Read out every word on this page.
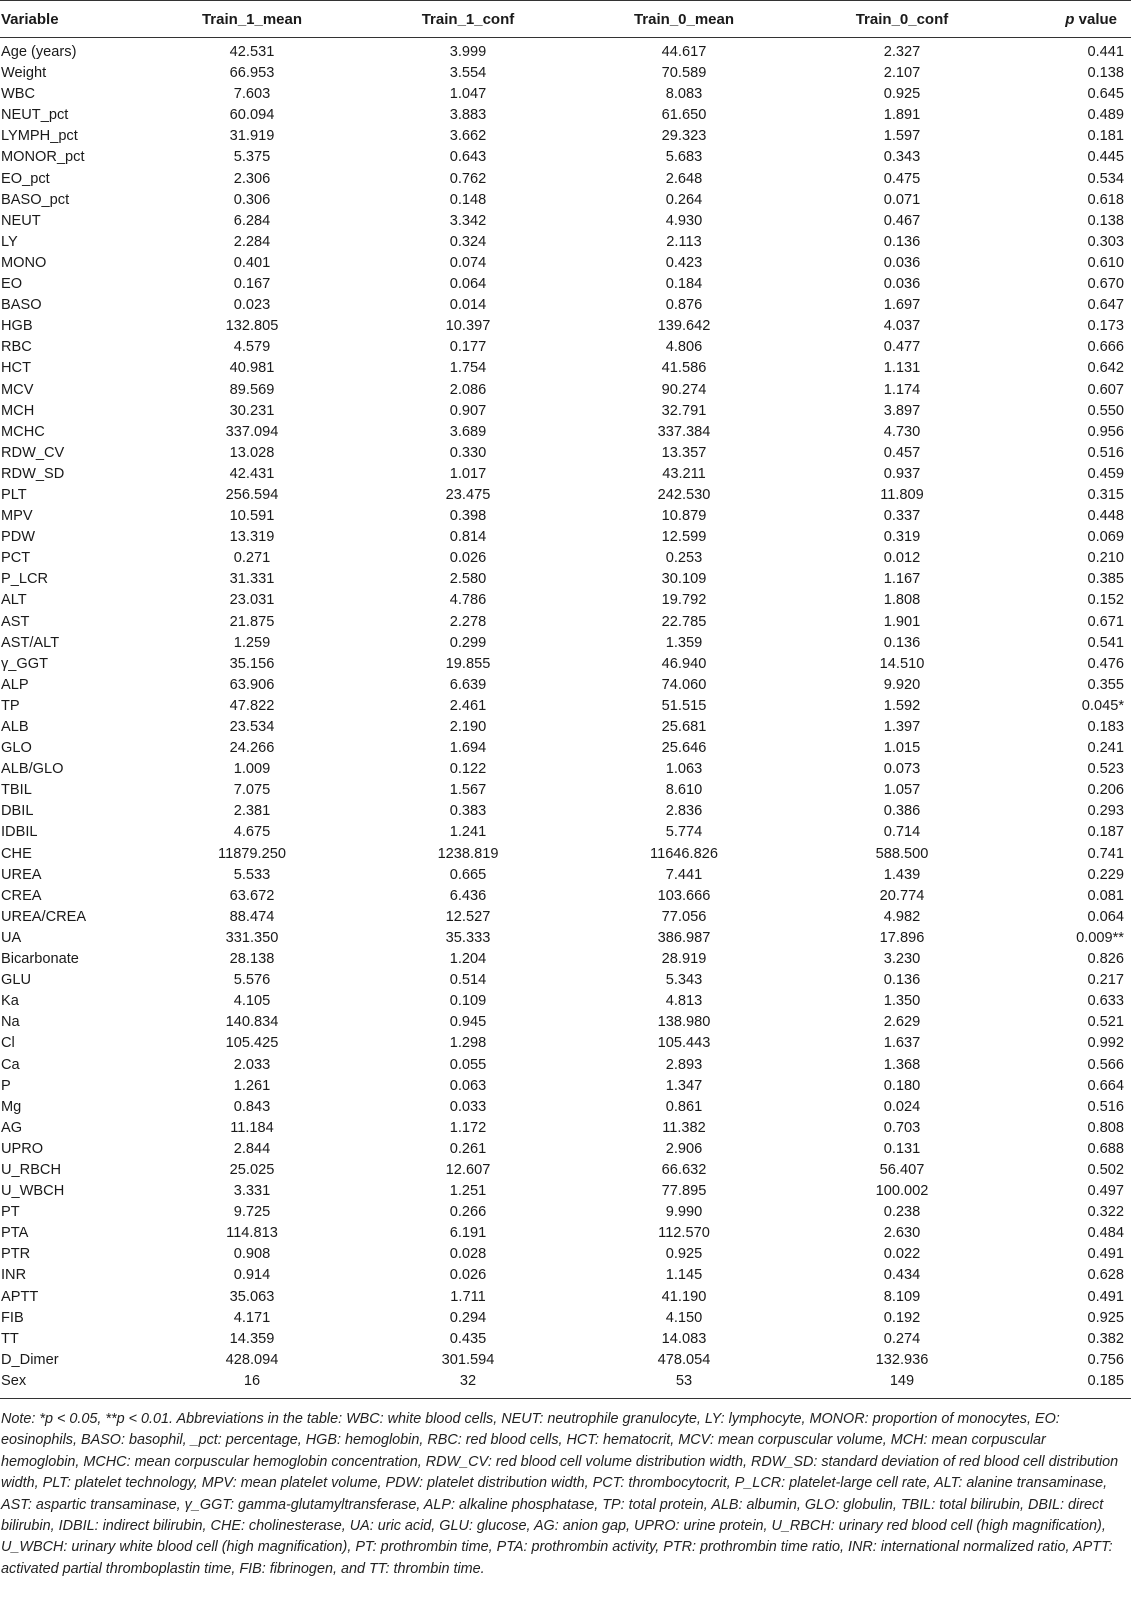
Variable	Train_1_mean	Train_1_conf	Train_0_mean	Train_0_conf	p value
Age (years)	42.531	3.999	44.617	2.327	0.441
Weight	66.953	3.554	70.589	2.107	0.138
WBC	7.603	1.047	8.083	0.925	0.645
NEUT_pct	60.094	3.883	61.650	1.891	0.489
LYMPH_pct	31.919	3.662	29.323	1.597	0.181
MONOR_pct	5.375	0.643	5.683	0.343	0.445
EO_pct	2.306	0.762	2.648	0.475	0.534
BASO_pct	0.306	0.148	0.264	0.071	0.618
NEUT	6.284	3.342	4.930	0.467	0.138
LY	2.284	0.324	2.113	0.136	0.303
MONO	0.401	0.074	0.423	0.036	0.610
EO	0.167	0.064	0.184	0.036	0.670
BASO	0.023	0.014	0.876	1.697	0.647
HGB	132.805	10.397	139.642	4.037	0.173
RBC	4.579	0.177	4.806	0.477	0.666
HCT	40.981	1.754	41.586	1.131	0.642
MCV	89.569	2.086	90.274	1.174	0.607
MCH	30.231	0.907	32.791	3.897	0.550
MCHC	337.094	3.689	337.384	4.730	0.956
RDW_CV	13.028	0.330	13.357	0.457	0.516
RDW_SD	42.431	1.017	43.211	0.937	0.459
PLT	256.594	23.475	242.530	11.809	0.315
MPV	10.591	0.398	10.879	0.337	0.448
PDW	13.319	0.814	12.599	0.319	0.069
PCT	0.271	0.026	0.253	0.012	0.210
P_LCR	31.331	2.580	30.109	1.167	0.385
ALT	23.031	4.786	19.792	1.808	0.152
AST	21.875	2.278	22.785	1.901	0.671
AST/ALT	1.259	0.299	1.359	0.136	0.541
γ_GGT	35.156	19.855	46.940	14.510	0.476
ALP	63.906	6.639	74.060	9.920	0.355
TP	47.822	2.461	51.515	1.592	0.045*
ALB	23.534	2.190	25.681	1.397	0.183
GLO	24.266	1.694	25.646	1.015	0.241
ALB/GLO	1.009	0.122	1.063	0.073	0.523
TBIL	7.075	1.567	8.610	1.057	0.206
DBIL	2.381	0.383	2.836	0.386	0.293
IDBIL	4.675	1.241	5.774	0.714	0.187
CHE	11879.250	1238.819	11646.826	588.500	0.741
UREA	5.533	0.665	7.441	1.439	0.229
CREA	63.672	6.436	103.666	20.774	0.081
UREA/CREA	88.474	12.527	77.056	4.982	0.064
UA	331.350	35.333	386.987	17.896	0.009**
Bicarbonate	28.138	1.204	28.919	3.230	0.826
GLU	5.576	0.514	5.343	0.136	0.217
Ka	4.105	0.109	4.813	1.350	0.633
Na	140.834	0.945	138.980	2.629	0.521
Cl	105.425	1.298	105.443	1.637	0.992
Ca	2.033	0.055	2.893	1.368	0.566
P	1.261	0.063	1.347	0.180	0.664
Mg	0.843	0.033	0.861	0.024	0.516
AG	11.184	1.172	11.382	0.703	0.808
UPRO	2.844	0.261	2.906	0.131	0.688
U_RBCH	25.025	12.607	66.632	56.407	0.502
U_WBCH	3.331	1.251	77.895	100.002	0.497
PT	9.725	0.266	9.990	0.238	0.322
PTA	114.813	6.191	112.570	2.630	0.484
PTR	0.908	0.028	0.925	0.022	0.491
INR	0.914	0.026	1.145	0.434	0.628
APTT	35.063	1.711	41.190	8.109	0.491
FIB	4.171	0.294	4.150	0.192	0.925
TT	14.359	0.435	14.083	0.274	0.382
D_Dimer	428.094	301.594	478.054	132.936	0.756
Sex	16	32	53	149	0.185
Note: *p < 0.05, **p < 0.01. Abbreviations in the table: WBC: white blood cells, NEUT: neutrophile granulocyte, LY: lymphocyte, MONOR: proportion of monocytes, EO: eosinophils, BASO: basophil, _pct: percentage, HGB: hemoglobin, RBC: red blood cells, HCT: hematocrit, MCV: mean corpuscular volume, MCH: mean corpuscular hemoglobin, MCHC: mean corpuscular hemoglobin concentration, RDW_CV: red blood cell volume distribution width, RDW_SD: standard deviation of red blood cell distribution width, PLT: platelet technology, MPV: mean platelet volume, PDW: platelet distribution width, PCT: thrombocytocrit, P_LCR: platelet-large cell rate, ALT: alanine transaminase, AST: aspartic transaminase, γ_GGT: gamma-glutamyltransferase, ALP: alkaline phosphatase, TP: total protein, ALB: albumin, GLO: globulin, TBIL: total bilirubin, DBIL: direct bilirubin, IDBIL: indirect bilirubin, CHE: cholinesterase, UA: uric acid, GLU: glucose, AG: anion gap, UPRO: urine protein, U_RBCH: urinary red blood cell (high magnification), U_WBCH: urinary white blood cell (high magnification), PT: prothrombin time, PTA: prothrombin activity, PTR: prothrombin time ratio, INR: international normalized ratio, APTT: activated partial thromboplastin time, FIB: fibrinogen, and TT: thrombin time.
